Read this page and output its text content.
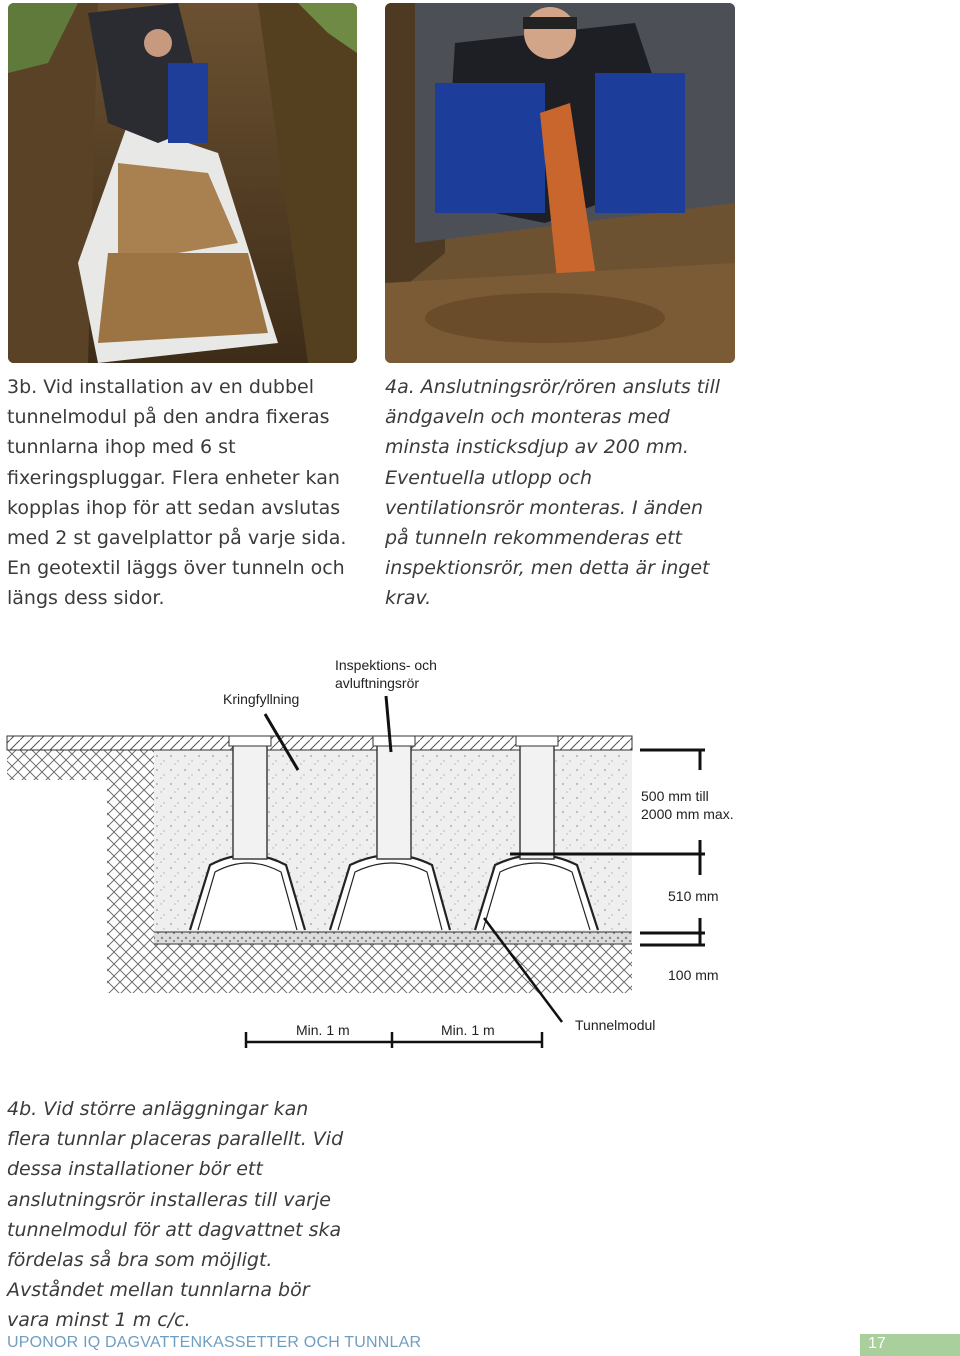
3b. Vid installation av en dubbel tunnelmodul på den andra fixeras tunnlarna ihop med 6 st fixeringspluggar. Flera enheter kan kopplas ihop för att sedan avslutas med 2 st gavelplattor på varje sida. En geotextil läggs över tunneln och längs dess sidor.

4a. Anslutningsrör/rören ansluts till ändgaveln och monteras med minsta insticksdjup av 200 mm. Eventuella utlopp och ventilationsrör monteras. I änden på tunneln rekommenderas ett inspektionsrör, men detta är inget krav.

Kringfyllning
Inspektions- och
avluftningsrör
500 mm till
2000 mm max.
510 mm
100 mm
Min. 1 m	Min. 1 m	Tunnelmodul

4b. Vid större anläggningar kan flera tunnlar placeras parallellt. Vid dessa installationer bör ett anslutningsrör installeras till varje tunnelmodul för att dagvattnet ska fördelas så bra som möjligt. Avståndet mellan tunnlarna bör vara minst 1 m c/c.

UPONOR IQ DAGVATTENKASSETTER OCH TUNNLAR	17
